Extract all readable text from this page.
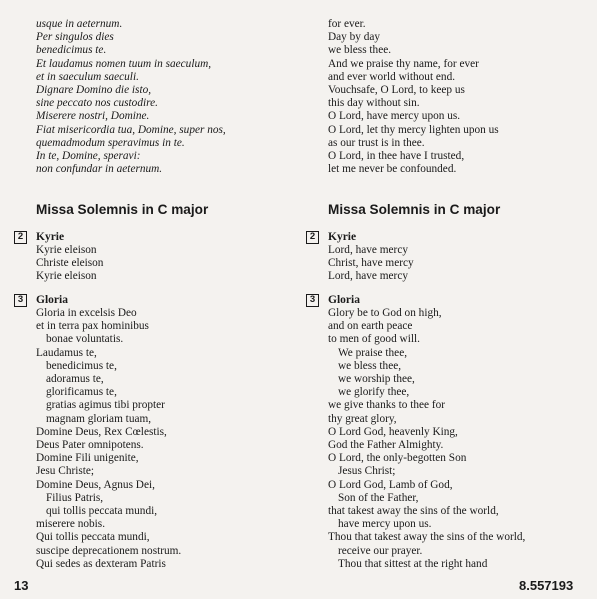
usque in aeternum.
Per singulos dies
benedicimus te.
Et laudamus nomen tuum in saeculum,
et in saeculum saeculi.
Dignare Domino die isto,
sine peccato nos custodire.
Miserere nostri, Domine.
Fiat misericordia tua, Domine, super nos,
quemadmodum speravimus in te.
In te, Domine, speravi:
non confundar in aeternum.
Missa Solemnis in C major
2	Kyrie
Kyrie eleison
Christe eleison
Kyrie eleison
3	Gloria
Gloria in excelsis Deo
et in terra pax hominibus
bonae voluntatis.
Laudamus te,
benedicimus te,
adoramus te,
glorificamus te,
gratias agimus tibi propter
magnam gloriam tuam,
Domine Deus, Rex Cœlestis,
Deus Pater omnipotens.
Domine Fili unigenite,
Jesu Christe;
Domine Deus, Agnus Dei,
Filius Patris,
qui tollis peccata mundi,
miserere nobis.
Qui tollis peccata mundi,
suscipe deprecationem nostrum.
Qui sedes as dexteram Patris
for ever.
Day by day
we bless thee.
And we praise thy name, for ever
and ever world without end.
Vouchsafe, O Lord, to keep us
this day without sin.
O Lord, have mercy upon us.
O Lord, let thy mercy lighten upon us
as our trust is in thee.
O Lord, in thee have I trusted,
let me never be confounded.
Missa Solemnis in C major
2	Kyrie
Lord, have mercy
Christ, have mercy
Lord, have mercy
3	Gloria
Glory be to God on high,
and on earth peace
to men of good will.
We praise thee,
we bless thee,
we worship thee,
we glorify thee,
we give thanks to thee for
thy great glory,
O Lord God, heavenly King,
God the Father Almighty.
O Lord, the only-begotten Son
Jesus Christ;
O Lord God, Lamb of God,
Son of the Father,
that takest away the sins of the world,
have mercy upon us.
Thou that takest away the sins of the world,
receive our prayer.
Thou that sittest at the right hand
13	8.557193
